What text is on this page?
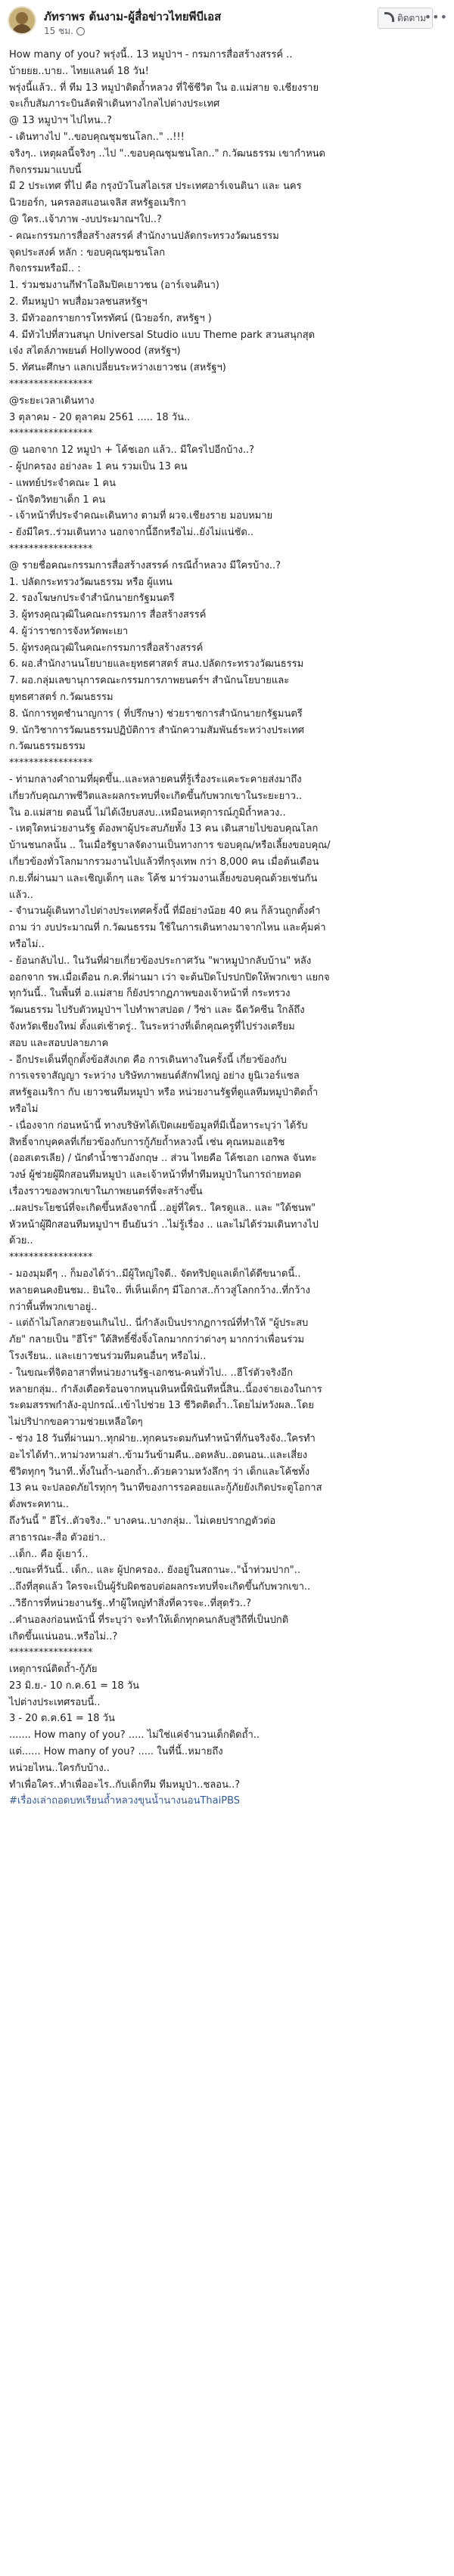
ภัทราพร ต้นงาม-ผู้สื่อข่าวไทยพีบีเอส
15 ชม.
ติดตาม
•••
How many of you? พรุ่งนี้.. 13 หมูป่าฯ - กรมการสื่อสร้างสรรค์ ..
บ้ายยย..บาย.. ไทยแลนด์ 18 วัน!
พรุ่งนี้แล้ว.. ที่ ทีม 13 หมูป่าติดถ้ำหลวง ที่ใช้ชีวิต ใน อ.แม่สาย จ.เชียงราย
จะเก็บสัมภาระบินลัดฟ้าเดินทางไกลไปต่างประเทศ
@ 13 หมูป่าฯ ไปไหน..?
- เดินทางไป "..ขอบคุณชุมชนโลก.." ..!!!
จริงๆ.. เหตุผลนี้จริงๆ ..ไป "..ขอบคุณชุมชนโลก.." ก.วัฒนธรรม เขากำหนด
กิจกรรมมาแบบนี้
มี 2 ประเทศ ที่ไป คือ กรุงบัวโนสไอเรส ประเทศอาร์เจนตินา และ นคร
นิวยอร์ก, นครลอสแอนเจลิส สหรัฐอเมริกา
@ ใคร..เจ้าภาพ -งบประมาณฯใป..?
- คณะกรรมการสื่อสร้างสรรค์ สำนักงานปลัดกระทรวงวัฒนธรรม
จุดประสงค์ หลัก : ขอบคุณชุมชนโลก
กิจกรรมหรือมี.. :
1. ร่วมชมงานกีฬาโอลิมปิคเยาวชน (อาร์เจนตินา)
2. ทีมหมูป่า พบสื่อมวลชนสหรัฐฯ
3. มีทัวออกรายการโทรทัศน์ (นิวยอร์ก, สหรัฐฯ )
4. มีทัวไปที่สวนสนุก Universal Studio แบบ Theme park สวนสนุกสุด
เจ๋ง สไตล์ภาพยนต์ Hollywood (สหรัฐฯ)
5. ทัศนะศึกษา แลกเปลี่ยนระหว่างเยาวชน (สหรัฐฯ)
*****************
@ระยะเวลาเดินทาง
3 ตุลาคม - 20 ตุลาคม 2561 ..... 18 วัน..
*****************
@ นอกจาก 12 หมูป่า + โค้ชเอก แล้ว.. มีใครไปอีกบ้าง..?
- ผู้ปกครอง อย่างละ 1 คน รวมเป็น 13 คน
- แพทย์ประจำคณะ 1 คน
- นักจิตวิทยาเด็ก 1 คน
- เจ้าหน้าที่ประจำคณะเดินทาง ตามที่ ผวจ.เชียงราย มอบหมาย
- ยังมีใคร..ร่วมเดินทาง นอกจากนี้อีกหรือไม่..ยังไม่แน่ชัด..
*****************
@ รายชื่อคณะกรรมการสื่อสร้างสรรค์ กรณีถ้ำหลวง มีใครบ้าง..?
1. ปลัดกระทรวงวัฒนธรรม หรือ ผู้แทน
2. รองโฆษกประจำสำนักนายกรัฐมนตรี
3. ผู้ทรงคุณวุฒิในคณะกรรมการ สื่อสร้างสรรค์
4. ผู้ว่าราชการจังหวัดพะเยา
5. ผู้ทรงคุณวุฒิในคณะกรรมการสื่อสร้างสรรค์
6. ผอ.สำนักงานนโยบายและยุทธศาสตร์ สนง.ปลัดกระทรวงวัฒนธรรม
7. ผอ.กลุ่มเลขานุการคณะกรรมการภาพยนตร์ฯ สำนักนโยบายและ
ยุทธศาสตร์ ก.วัฒนธรรม
8. นักการทูตชำนาญการ ( ที่ปรึกษา) ช่วยราชการสำนักนายกรัฐมนตรี
9. นักวิชาการวัฒนธรรมปฏิบัติการ สำนักความสัมพันธ์ระหว่างประเทศ
ก.วัฒนธรรมธรรม
*****************
- ท่ามกลางคำถามที่ผุดขึ้น..และหลายคนที่รู้เรื่องระแคะระคายส่งมาถึง
เกี่ยวกับคุณภาพชีวิตและผลกระทบที่จะเกิดขึ้นกับพวกเขาในระยะยาว..
ใน อ.แม่สาย ตอนนี้ ไม่ได้เงียบสงบ..เหมือนเหตุการณ์ภูมิถ้ำหลวง..
- เหตุใดหน่วยงานรัฐ ต้องพาผู้ประสบภัยทั้ง 13 คน เดินสายไปขอบคุณโลก
บ้านชนกลนั้น .. ในเมื่อรัฐบาลจัดงานเป็นทางการ ขอบคุณ/หรือเลี้ยงขอบคุณ/
เกี่ยวข้องทั่วโลกมากรวมงานไปแล้วที่กรุงเทพ กว่า 8,000 คน เมื่อต้นเดือน
ก.ย.ที่ผ่านมา และเชิญเด็กๆ และ โค้ช มาร่วมงานเลี้ยงขอบคุณด้วยเช่นกัน
แล้ว..
- จำนวนผู้เดินทางไปต่างประเทศครั้งนี้ ที่มีอย่างน้อย 40 คน ก็ล้วนถูกตั้งคำ
ถาม ว่า งบประมาณที่ ก.วัฒนธรรม ใช้ในการเดินทางมาจากไหน และคุ้มค่า
หรือไม่..
- ย้อนกลับไป.. ในวันที่ฝ่ายเกี่ยวข้องประกาศวัน "พาหมูป่ากลับบ้าน" หลัง
ออกจาก รพ.เมื่อเดือน ก.ค.ที่ผ่านมา เว่า จะต้นปิดโปรปกปิดให้พวกเขา แยกจ
ทุกวันนี้.. ในพื้นที่ อ.แม่สาย ก็ยังปรากฏภาพของเจ้าหน้าที่ กระทรวง
วัฒนธรรม ไปรับตัวหมูป่าฯ ไปทำพาสปอต / วีซ่า และ ฉีดวัคซีน ใกล้ถึง
จังหวัดเชียงใหม่ ตั้งแต่เช้าตรู่.. ในระหว่างที่เด็กคุณครูที่ไปร่วงเตรียม
สอบ และสอบปลายภาค
- อีกประเด็นที่ถูกตั้งข้อสังเกต คือ การเดินทางในครั้งนี้ เกี่ยวข้องกับ
การเจรจาสัญญา ระหว่าง บริษัทภาพยนต์สักฟไหญ่ อย่าง ยูนิเวอร์แซล
สหรัฐอเมริกา กับ เยาวชนทีมหมูป่า หรือ หน่วยงานรัฐที่ดูแลทีมหมูป่าติดถ้ำ
หรือไม่
- เนื่องจาก ก่อนหน้านี้ ทางบริษัทได้เปิดเผยข้อมูลที่มีเนื้อหาระบุว่า ได้รับ
สิทธิ์จากบุคคลที่เกี่ยวข้องกับการกู้ภัยถ้ำหลวงนี้ เช่น คุณหมอแฮริช
(ออสเตรเลีย) / นักดำน้ำชาวอังกฤษ .. ส่วน ไทยคือ โค้ชเอก เอกพล จันทะ
วงษ์ ผู้ช่วยผู้ฝึกสอนทีมหมูป่า และเจ้าหน้าที่ทำทีมหมูป่าในการถ่ายทอด
เรื่องราวของพวกเขาในภาพยนตร์ที่จะสร้างขึ้น
..ผลประโยชน์ที่จะเกิดขึ้นหลังจากนี้ ..อยู่ที่ใคร.. ใครดูแล.. และ "ใด้ชนพ"
หัวหน้าผู้ฝึกสอนทีมหมูป่าฯ ยืนยันว่า ..ไม่รู้เรื่อง .. และไม่ได้ร่วมเดินทางไป
ด้วย..
*****************
- มองมุมดีๆ .. ก็มองได้ว่า..มีผู้ใหญ่ใจดี.. จัดทริปดูแลเด็กได้ดีขนาดนี้..
หลายคนคงยินชม.. ยินใจ.. ที่เห็นเด็กๆ มีโอกาส..ก้าวสู่โลกกว้าง..ที่กว้าง
กว่าพื้นที่พวกเขาอยู่..
- แต่ถ้าไม่โลกสวยจนเกินไป.. นี่กำลังเป็นปรากฏการณ์ที่ทำให้ "ผู้ประสบ
ภัย" กลายเป็น "ฮีโร่" ใด้สิทธิ์ซึ่งจิ้งโลกมากกว่าต่างๆ มากกว่าเพื่อนร่วม
โรงเรียน.. และเยาวชนร่วมทีมคนอื่นๆ หรือไม่..
- ในขณะที่จิตอาสาที่หน่วยงานรัฐ-เอกชน-คนทั่วไป.. ..ฮีโร่ตัวจริงอีก
หลายกลุ่ม.. กำลังเดือดร้อนจากหนุนหินหนี้พินันทีหนี้สิน..นี้องจ่ายเองในการ
ระดมสรรพกำลัง-อุปกรณ์..เข้าไปช่วย 13 ชีวิตติดถ้ำ..โดยไม่หวังผล..โดย
ไม่ปริปากขอความช่วยเหลือใดๆ
- ช่วง 18 วันที่ผ่านมา..ทุกฝ่าย..ทุกคนระดมกันทำหน้าที่กันจริงจัง..ใครทำ
อะไรได้ทำ..หาม่วงหามส่า..ข้ามวันข้ามคืน..อดหลับ..อดนอน..และเสี่ยง
ชีวิตทุกๆ วินาที..ทั้งในถ้ำ-นอกถ้ำ..ด้วยความหวังลึกๆ ว่า เด็กและโค้ชทั้ง
13 คน จะปลอดภัยไรทุกๆ วินาทีของการรอคอยและกู้ภัยยังเกิดประตูโอกาส
ดั่งพระคทาน..
ถึงวันนี้ " ฮีโร่..ตัวจริง.." บางคน..บางกลุ่ม.. ไม่เคยปรากฏตัวต่อ
สาธารณะ-สื่อ ตัวอย่า..
..เด็ก.. คือ ผู้เยาว์..
..ขณะที่วันนี้.. เด็ก.. และ ผู้ปกครอง.. ยังอยู่ในสถานะ.."น้ำท่วมปาก"..
..ถึงที่สุดแล้ว ใครจะเป็นผู้รับผิดชอบต่อผลกระทบที่จะเกิดขึ้นกับพวกเขา..
..วิธีการที่หน่วยงานรัฐ..ทำผู้ใหญ่ทำสิ่งที่ควรจะ..ที่สุดรัว..?
..คำนอลงก่อนหน้านี้ ที่ระบุว่า จะทำให้เด็กทุกคนกลับสู่วิถีที่เป็นปกติ
เกิดขึ้นแน่นอน..หรือไม่..?
*****************
เหตุการณ์ติดถ้ำ-กู้ภัย
23 มิ.ย.- 10 ก.ค.61 = 18 วัน
ไปต่างประเทศรอบนี้..
3 - 20 ต.ค.61 = 18 วัน
....... How many of you? ..... ไม่ใช่แค่จำนวนเด็กติดถ้ำ..
แต่...... How many of you? ..... ในที่นี้..หมายถึง
หน่วยไหน..ใครกับบ้าง..
ทำเพื่อใคร..ทำเพื่ออะไร..กับเด็กทีม ทีมหมูป่า..ชลอน..?
#เรื่องเล่าถอดบทเรียนถ้ำหลวงขุนน้ำนางนอนThaiPBS
